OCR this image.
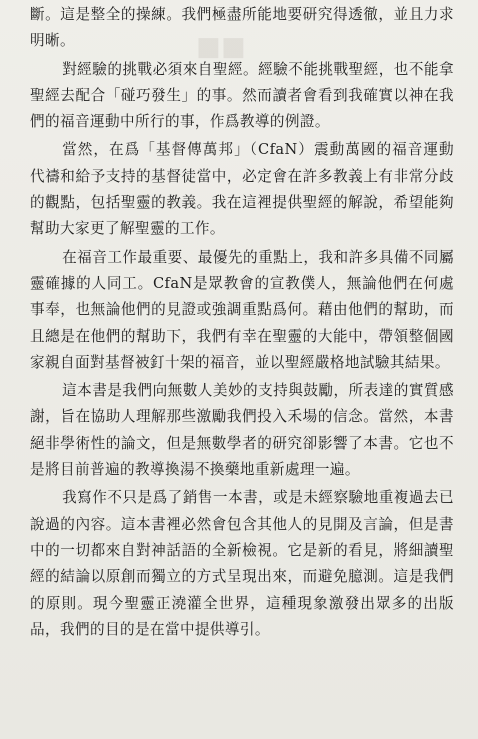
■■

斷。這是整全的操練。我們極盡所能地要研究得透徹，並且力求明晰。

對經驗的挑戰必須來自聖經。經驗不能挑戰聖經，也不能拿聖經去配合「碰巧發生」的事。然而讀者會看到我確實以神在我們的福音運動中所行的事，作爲教導的例證。

當然，在爲「基督傳萬邦」（CfaN）震動萬國的福音運動代禱和給予支持的基督徒當中，必定會在許多教義上有非常分歧的觀點，包括聖靈的教義。我在這裡提供聖經的解說，希望能夠幫助大家更了解聖靈的工作。

在福音工作最重要、最優先的重點上，我和許多具備不同屬靈確據的人同工。CfaN是眾教會的宣教僕人，無論他們在何處事奉，也無論他們的見證或強調重點爲何。藉由他們的幫助，而且總是在他們的幫助下，我們有幸在聖靈的大能中，帶領整個國家親自面對基督被釘十架的福音，並以聖經嚴格地試驗其結果。

這本書是我們向無數人美妙的支持與鼓勵，所表達的實質感謝，旨在協助人理解那些激勵我們投入禾場的信念。當然，本書絕非學術性的論文，但是無數學者的研究卻影響了本書。它也不是將目前普遍的教導換湯不換藥地重新處理一遍。

我寫作不只是爲了銷售一本書，或是未經察驗地重複過去已說過的內容。這本書裡必然會包含其他人的見開及言論，但是書中的一切都來自對神話語的全新檢視。它是新的看見，將細讀聖經的結論以原創而獨立的方式呈現出來，而避免臆測。這是我們的原則。現今聖靈正澆灌全世界，這種現象激發出眾多的出版品，我們的目的是在當中提供導引。
